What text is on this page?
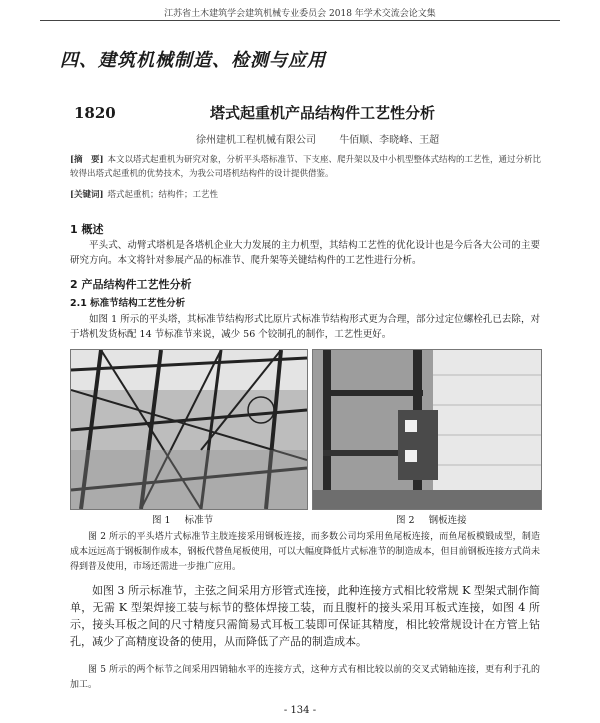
江苏省土木建筑学会建筑机械专业委员会 2018 年学术交流会论文集
四、建筑机械制造、检测与应用
1820	塔式起重机产品结构件工艺性分析
徐州建机工程机械有限公司 牛佰顺、李晓峰、王超
[摘　要] 本文以塔式起重机为研究对象，分析平头塔标准节、下支座、爬升架以及中小机型整体式结构的工艺性，通过分析比较得出塔式起重机的优势技术，为我公司塔机结构件的设计提供借鉴。
[关键词] 塔式起重机；结构件；工艺性
1 概述
平头式、动臂式塔机是各塔机企业大力发展的主力机型，其结构工艺性的优化设计也是今后各大公司的主要研究方向。本文将针对参展产品的标准节、爬升架等关键结构件的工艺性进行分析。
2 产品结构件工艺性分析
2.1 标准节结构工艺性分析
如图 1 所示的平头塔，其标准节结构形式比原片式标准节结构形式更为合理，部分过定位螺栓孔已去除，对于塔机发货标配 14 节标准节来说，减少 56 个铰制孔的制作，工艺性更好。
图 1 标准节	图 2 钢板连接
图 2 所示的平头塔片式标准节主肢连接采用钢板连接，而多数公司均采用鱼尾板连接，而鱼尾板模锻成型，制造成本远远高于钢板制作成本，钢板代替鱼尾板使用，可以大幅度降低片式标准节的制造成本，但目前钢板连接方式尚未得到普及使用，市场还需进一步推广应用。
如图 3 所示标准节，主弦之间采用方形管式连接，此种连接方式相比较常规 K 型架式制作简单，无需 K 型架焊接工装与标节的整体焊接工装，而且腹杆的接头采用耳板式连接，如图 4 所示，接头耳板之间的尺寸精度只需简易式耳板工装即可保证其精度，相比较常规设计在方管上钻孔，减少了高精度设备的使用，从而降低了产品的制造成本。
图 5 所示的两个标节之间采用四销轴水平的连接方式，这种方式有相比较以前的交叉式销轴连接，更有利于孔的加工。
- 134 -
